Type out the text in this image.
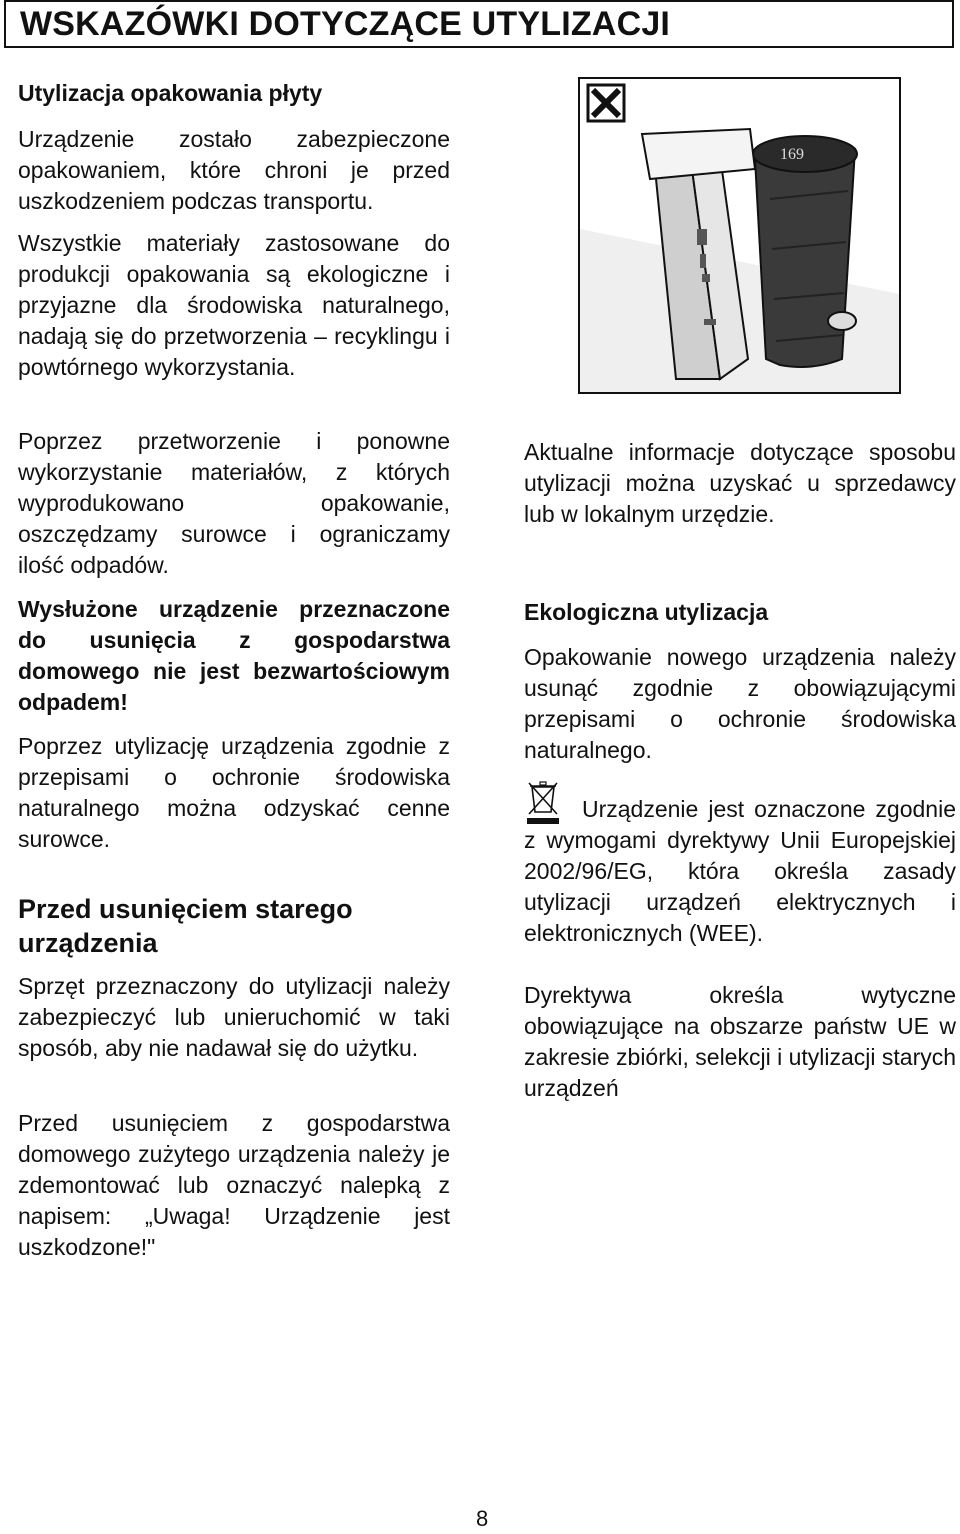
WSKAZÓWKI DOTYCZĄCE UTYLIZACJI

Utylizacja opakowania płyty

Urządzenie zostało zabezpieczone opakowaniem, które chroni je przed uszkodzeniem podczas transportu.

Wszystkie materiały zastosowane do produkcji opakowania są ekologiczne i przyjazne dla środowiska naturalnego, nadają się do przetworzenia – recyklingu i powtórnego wykorzystania.

Poprzez przetworzenie i ponowne wykorzystanie materiałów, z których wyprodukowano opakowanie, oszczędzamy surowce i ograniczamy ilość odpadów.

Wysłużone urządzenie przeznaczone do usunięcia z gospodarstwa domowego nie jest bezwartościowym odpadem!

Poprzez utylizację urządzenia zgodnie z przepisami o ochronie środowiska naturalnego można odzyskać cenne surowce.

Przed usunięciem starego urządzenia

Sprzęt przeznaczony do utylizacji należy zabezpieczyć lub unieruchomić w taki sposób, aby nie nadawał się do użytku.

Przed usunięciem z gospodarstwa domowego zużytego urządzenia należy je zdemontować lub oznaczyć nalepką z napisem: „Uwaga! Urządzenie jest uszkodzone!"

169

Aktualne informacje dotyczące sposobu utylizacji można uzyskać u sprzedawcy lub w lokalnym urzędzie.

Ekologiczna utylizacja

Opakowanie nowego urządzenia należy usunąć zgodnie z obowiązującymi przepisami o ochronie środowiska naturalnego.

Urządzenie jest oznaczone zgodnie z wymogami dyrektywy Unii Europejskiej 2002/96/EG, która określa zasady utylizacji urządzeń elektrycznych i elektronicznych (WEE).

Dyrektywa określa wytyczne obowiązujące na obszarze państw UE w zakresie zbiórki, selekcji i utylizacji starych urządzeń

8
